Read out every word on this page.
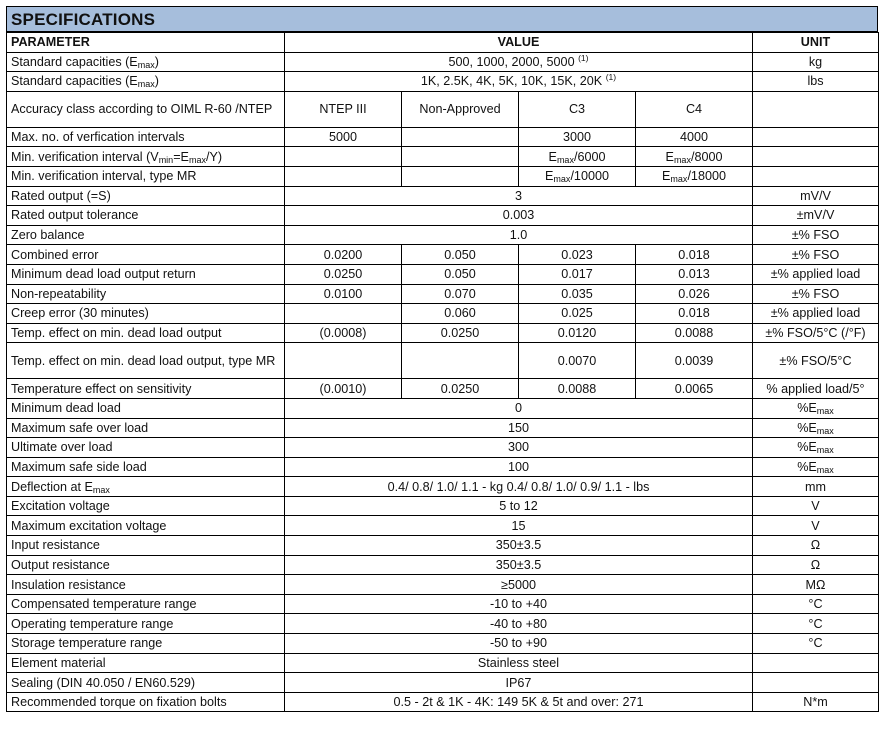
SPECIFICATIONS
PARAMETER	VALUE				UNIT
Standard capacities $(E_{max})$	500, 1000, 2000, 5000 $^{(1)}$				kg
Standard capacities $(E_{max})$	1K, 2.5K, 4K, 5K, 10K, 15K, 20K $^{(1)}$				lbs
Accuracy class according to OIML R-60 /NTEP	NTEP III	Non-Approved	C3	C4	
Max. no. of verfication intervals	5000		3000	4000	
Min. verification interval $(V_{min}=E_{max}/Y)$			$E_{max}/6000$	$E_{max}/8000$	
Min. verification interval, type MR			$E_{max}/10000$	$E_{max}/18000$	
Rated output (=S)	3				mV/V
Rated output tolerance	0.003				±mV/V
Zero balance	1.0				±% FSO
Combined error	0.0200	0.050	0.023	0.018	±% FSO
Minimum dead load output return	0.0250	0.050	0.017	0.013	±% applied load
Non-repeatability	0.0100	0.070	0.035	0.026	±% FSO
Creep error (30 minutes)		0.060	0.025	0.018	±% applied load
Temp. effect on min. dead load output	(0.0008)	0.0250	0.0120	0.0088	±% FSO/5°C (/°F)
Temp. effect on min. dead load output, type MR			0.0070	0.0039	±% FSO/5°C
Temperature effect on sensitivity	(0.0010)	0.0250	0.0088	0.0065	% applied load/5°
Minimum dead load	0				$\%E_{max}$
Maximum safe over load	150				$\%E_{max}$
Ultimate over load	300				$\%E_{max}$
Maximum safe side load	100				$\%E_{max}$
Deflection at $E_{max}$	0.4/ 0.8/ 1.0/ 1.1 - kg 0.4/ 0.8/ 1.0/ 0.9/ 1.1 - lbs				mm
Excitation voltage	5 to 12				V
Maximum excitation voltage	15				V
Input resistance	350±3.5				Ω
Output resistance	350±3.5				Ω
Insulation resistance	≥5000				MΩ
Compensated temperature range	-10 to +40				°C
Operating temperature range	-40 to +80				°C
Storage temperature range	-50 to +90				°C
Element material	Stainless steel				
Sealing (DIN 40.050 / EN60.529)	IP67				
Recommended torque on fixation bolts	0.5 - 2t & 1K - 4K: 149 5K & 5t and over: 271				N*m
